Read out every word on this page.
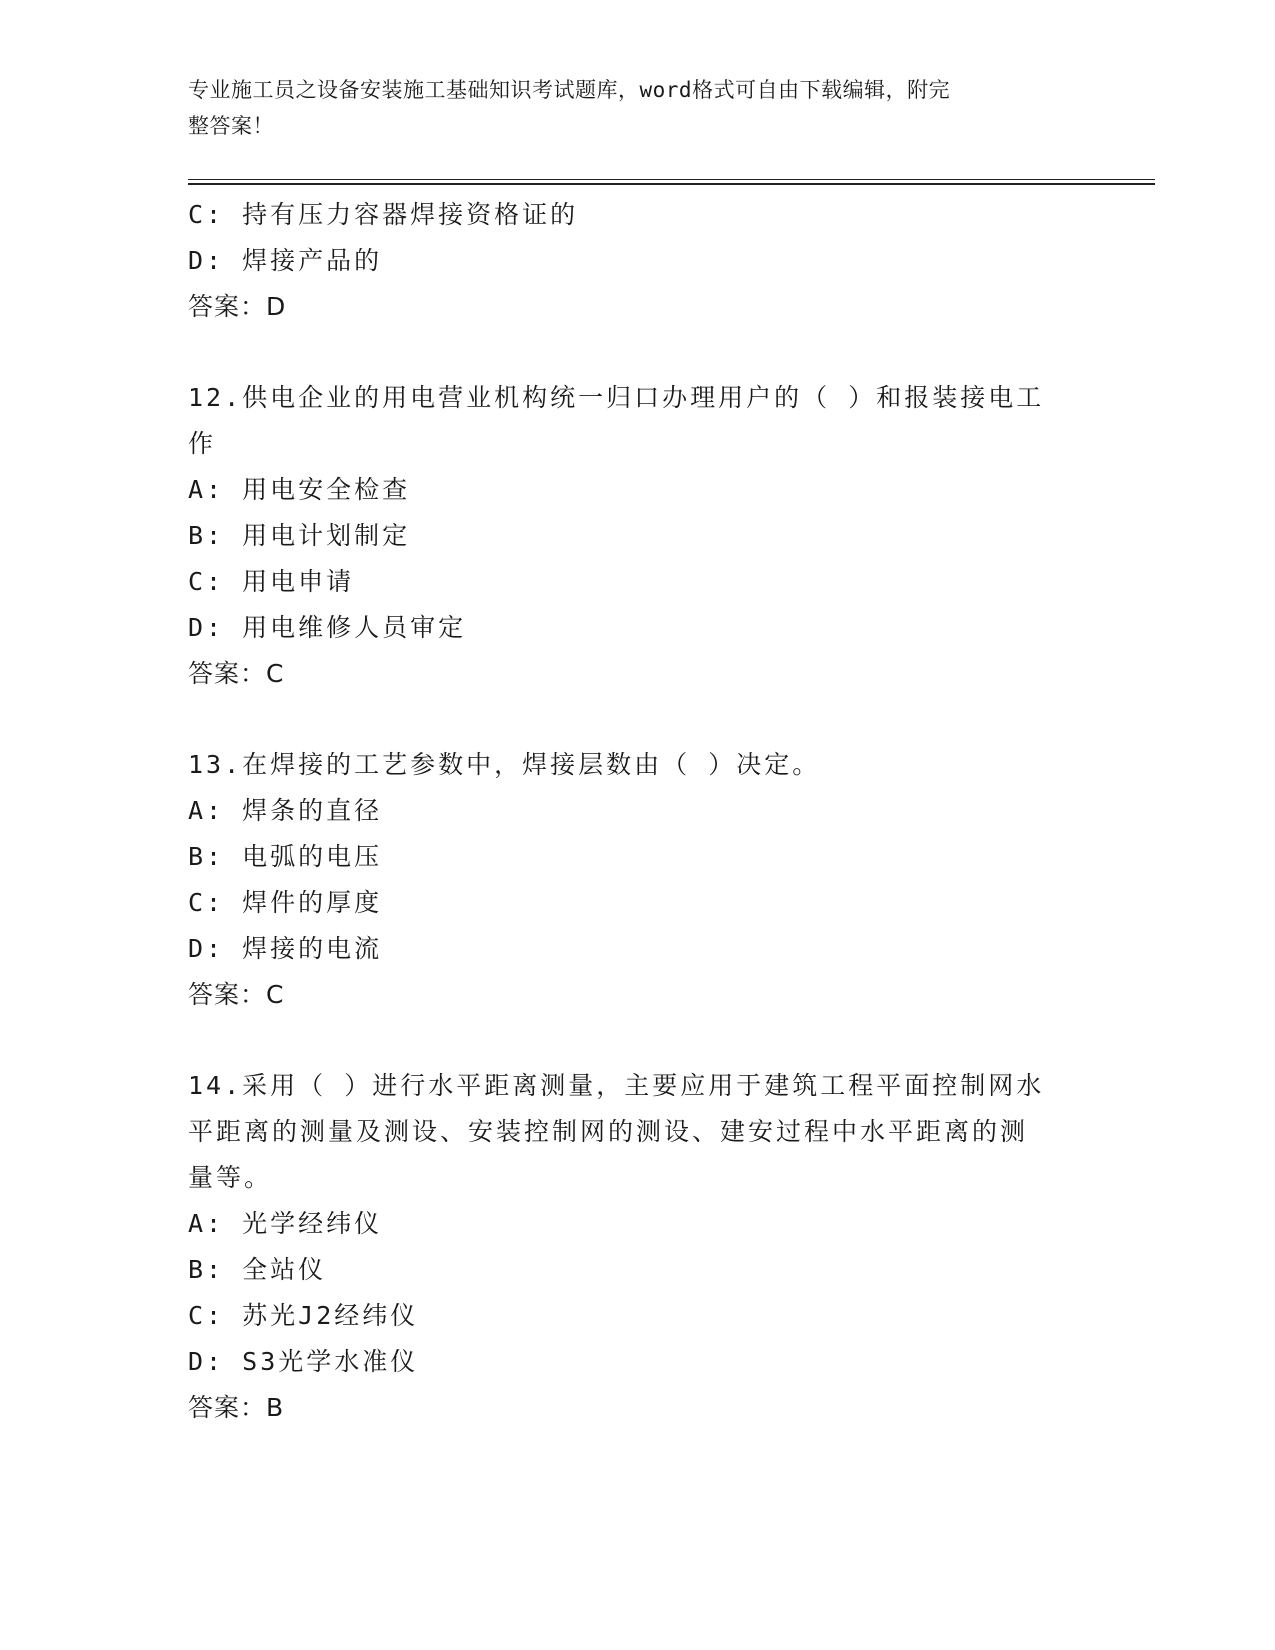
专业施工员之设备安装施工基础知识考试题库，word格式可自由下载编辑，附完
整答案！
C: 持有压力容器焊接资格证的
D: 焊接产品的
答案：D
12.供电企业的用电营业机构统一归口办理用户的（ ）和报装接电工
作
A: 用电安全检查
B: 用电计划制定
C: 用电申请
D: 用电维修人员审定
答案：C
13.在焊接的工艺参数中，焊接层数由（ ）决定。
A: 焊条的直径
B: 电弧的电压
C: 焊件的厚度
D: 焊接的电流
答案：C
14.采用（ ）进行水平距离测量，主要应用于建筑工程平面控制网水
平距离的测量及测设、安装控制网的测设、建安过程中水平距离的测
量等。
A: 光学经纬仪
B: 全站仪
C: 苏光J2经纬仪
D: S3光学水准仪
答案：B
